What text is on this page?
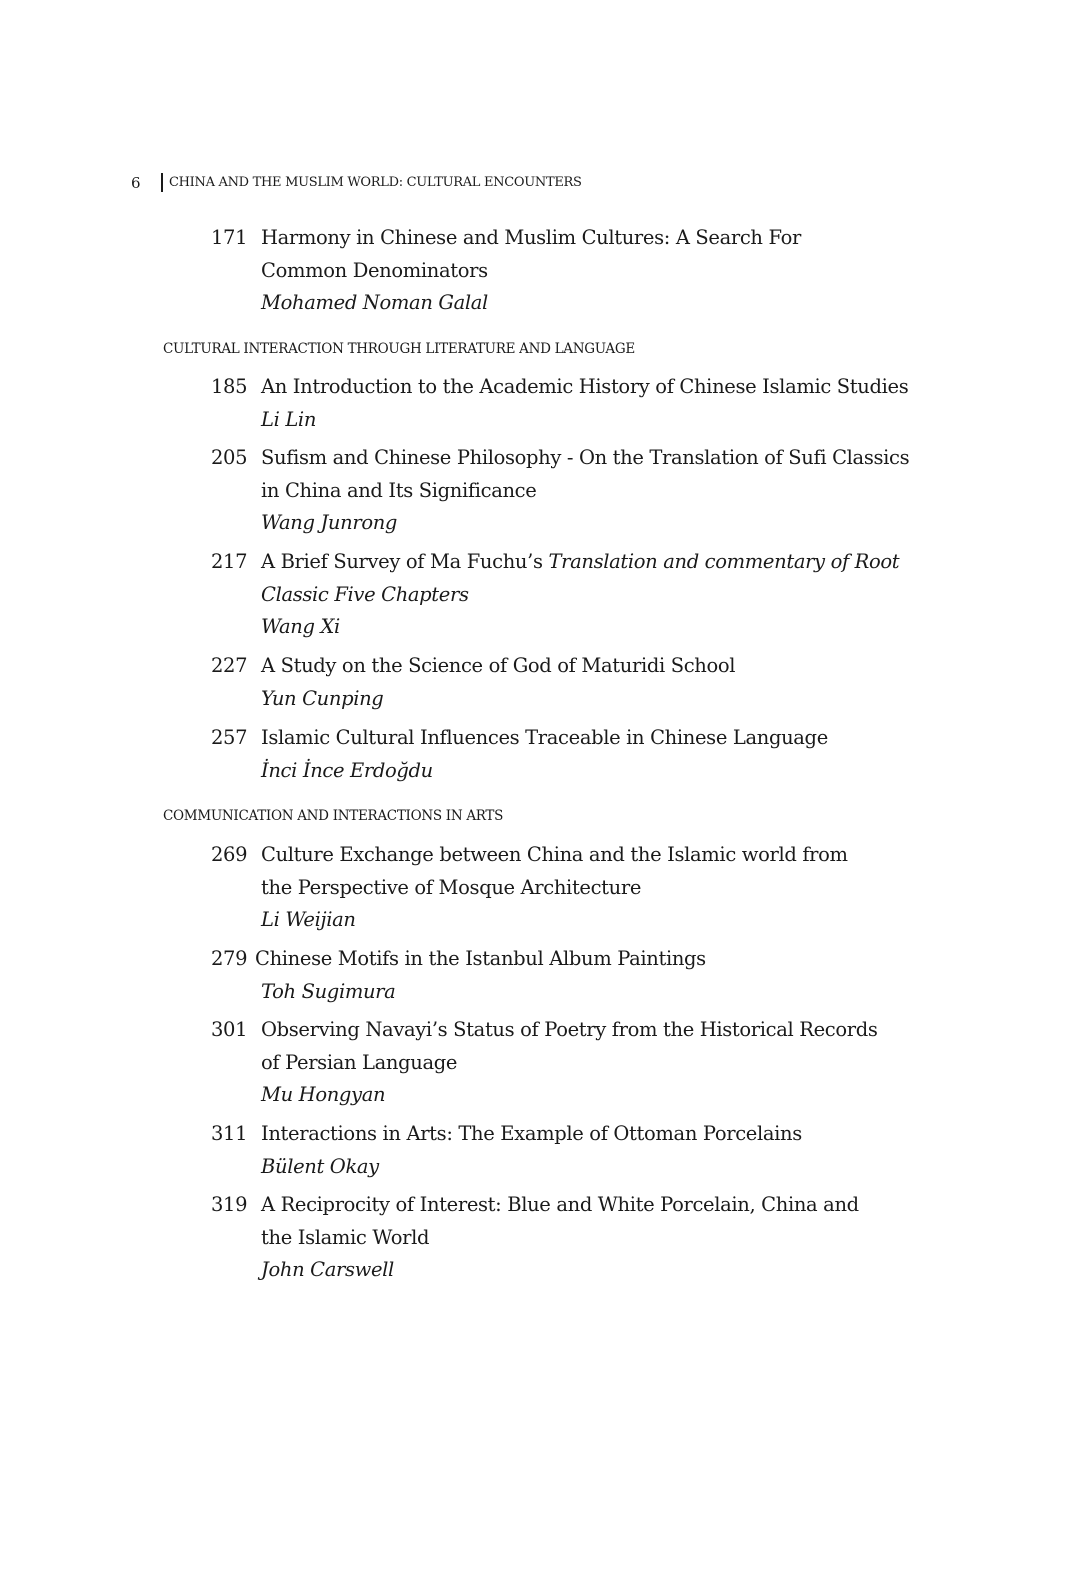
6	CHINA AND THE MUSLIM WORLD: CULTURAL ENCOUNTERS
171 Harmony in Chinese and Muslim Cultures: A Search For Common Denominators
Mohamed Noman Galal
CULTURAL INTERACTION THROUGH LITERATURE AND LANGUAGE
185 An Introduction to the Academic History of Chinese Islamic Studies
Li Lin
205 Sufism and Chinese Philosophy - On the Translation of Sufi Classics in China and Its Significance
Wang Junrong
217 A Brief Survey of Ma Fuchu’s Translation and commentary of Root Classic Five Chapters
Wang Xi
227 A Study on the Science of God of Maturidi School
Yun Cunping
257 Islamic Cultural Influences Traceable in Chinese Language
İnci İnce Erdoğdu
COMMUNICATION AND INTERACTIONS IN ARTS
269 Culture Exchange between China and the Islamic world from the Perspective of Mosque Architecture
Li Weijian
279 Chinese Motifs in the Istanbul Album Paintings
Toh Sugimura
301 Observing Navayi’s Status of Poetry from the Historical Records of Persian Language
Mu Hongyan
311 Interactions in Arts: The Example of Ottoman Porcelains
Bülent Okay
319 A Reciprocity of Interest: Blue and White Porcelain, China and the Islamic World
John Carswell
